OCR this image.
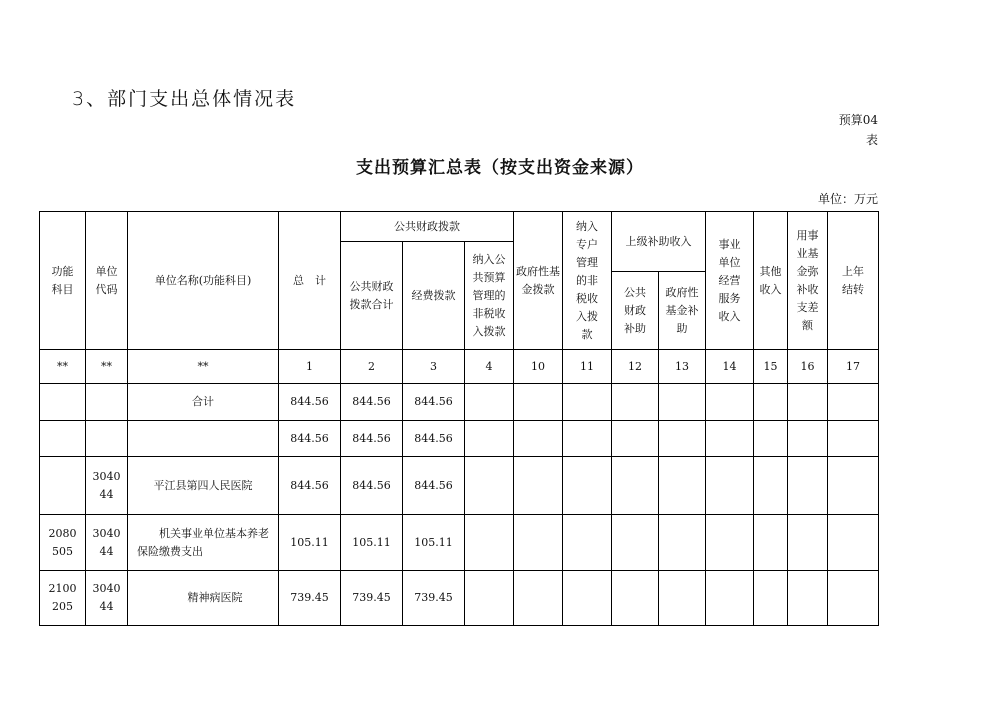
3、部门支出总体情况表
预算04表
支出预算汇总表（按支出资金来源）
单位：万元
功能科目	单位代码	单位名称(功能科目)	总　计	公共财政拨款			政府性基金拨款	纳入专户管理的非税收入拨款	上级补助收入		事业单位经营服务收入	其他收入	用事业基金弥补收支差额	上年结转
				公共财政拨款合计	经费拨款	纳入公共预算管理的非税收入拨款								
									公共财政补助	政府性基金补助				
**	**	**	1	2	3	4	10	11	12	13	14	15	16	17
		合计	844.56	844.56	844.56									
			844.56	844.56	844.56									
	304044	平江县第四人民医院	844.56	844.56	844.56									
2080505	304044	机关事业单位基本养老保险缴费支出	105.11	105.11	105.11									
2100205	304044	精神病医院	739.45	739.45	739.45									
